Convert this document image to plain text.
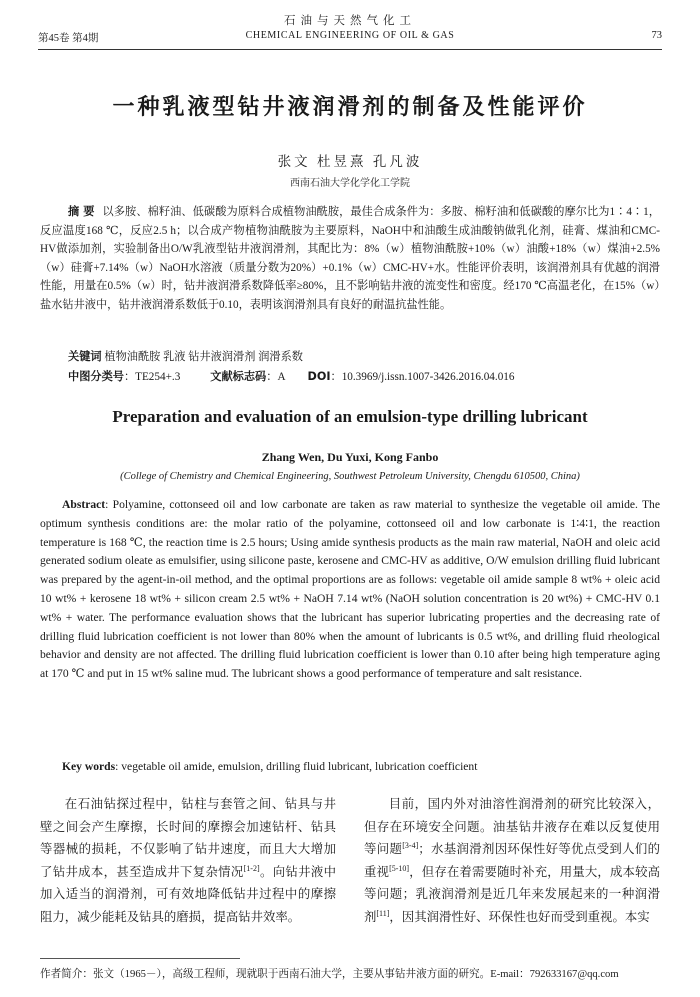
石油与天然气化工
第45卷 第4期	CHEMICAL ENGINEERING OF OIL & GAS	73
一种乳液型钻井液润滑剂的制备及性能评价
张文 杜昱熹 孔凡波
西南石油大学化学化工学院
摘 要 以多胺、棉籽油、低碳酸为原料合成植物油酰胺，最佳合成条件为：多胺、棉籽油和低碳酸的摩尔比为1∶4∶1，反应温度168 ℃，反应2.5 h；以合成产物植物油酰胺为主要原料，NaOH中和油酸生成油酸钠做乳化剂，硅膏、煤油和CMC-HV做添加剂，实验制备出O/W乳液型钻井液润滑剂，其配比为：8%（w）植物油酰胺+10%（w）油酸+18%（w）煤油+2.5%（w）硅膏+7.14%（w）NaOH水溶液（质量分数为20%）+0.1%（w）CMC-HV+水。性能评价表明，该润滑剂具有优越的润滑性能，用量在0.5%（w）时，钻井液润滑系数降低率≥80%，且不影响钻井液的流变性和密度。经170 ℃高温老化，在15%（w）盐水钻井液中，钻井液润滑系数低于0.10，表明该润滑剂具有良好的耐温抗盐性能。
关键词 植物油酰胺 乳液 钻井液润滑剂 润滑系数
中图分类号：TE254+.3	文献标志码：A DOI：10.3969/j.issn.1007-3426.2016.04.016
Preparation and evaluation of an emulsion-type drilling lubricant
Zhang Wen, Du Yuxi, Kong Fanbo
(College of Chemistry and Chemical Engineering, Southwest Petroleum University, Chengdu 610500, China)
Abstract: Polyamine, cottonseed oil and low carbonate are taken as raw material to synthesize the vegetable oil amide. The optimum synthesis conditions are: the molar ratio of the polyamine, cottonseed oil and low carbonate is 1∶4∶1, the reaction temperature is 168 ℃, the reaction time is 2.5 hours; Using amide synthesis products as the main raw material, NaOH and oleic acid generated sodium oleate as emulsifier, using silicone paste, kerosene and CMC-HV as additive, O/W emulsion drilling fluid lubricant was prepared by the agent-in-oil method, and the optimal proportions are as follows: vegetable oil amide sample 8 wt% + oleic acid 10 wt% + kerosene 18 wt% + silicon cream 2.5 wt% + NaOH 7.14 wt% (NaOH solution concentration is 20 wt%) + CMC-HV 0.1 wt% + water. The performance evaluation shows that the lubricant has superior lubricating properties and the decreasing rate of drilling fluid lubrication coefficient is not lower than 80% when the amount of lubricants is 0.5 wt%, and drilling fluid rheological behavior and density are not affected. The drilling fluid lubrication coefficient is lower than 0.10 after being high temperature aging at 170 ℃ and put in 15 wt% saline mud. The lubricant shows a good performance of temperature and salt resistance.
Key words: vegetable oil amide, emulsion, drilling fluid lubricant, lubrication coefficient
在石油钻探过程中，钻柱与套管之间、钻具与井壁之间会产生摩擦，长时间的摩擦会加速钻杆、钻具等器械的损耗，不仅影响了钻井速度，而且大大增加了钻井成本，甚至造成井下复杂情况[1-2]。向钻井液中加入适当的润滑剂，可有效地降低钻井过程中的摩擦阻力，减少能耗及钻具的磨损，提高钻井效率。
目前，国内外对油溶性润滑剂的研究比较深入，但存在环境安全问题。油基钻井液存在难以反复使用等问题[3-4]；水基润滑剂因环保性好等优点受到人们的重视[5-10]，但存在着需要随时补充，用量大，成本较高等问题；乳液润滑剂是近几年来发展起来的一种润滑剂[11]，因其润滑性好、环保性也好而受到重视。本实
作者简介：张文（1965－），高级工程师，现就职于西南石油大学，主要从事钻井液方面的研究。E-mail：792633167@qq.com
